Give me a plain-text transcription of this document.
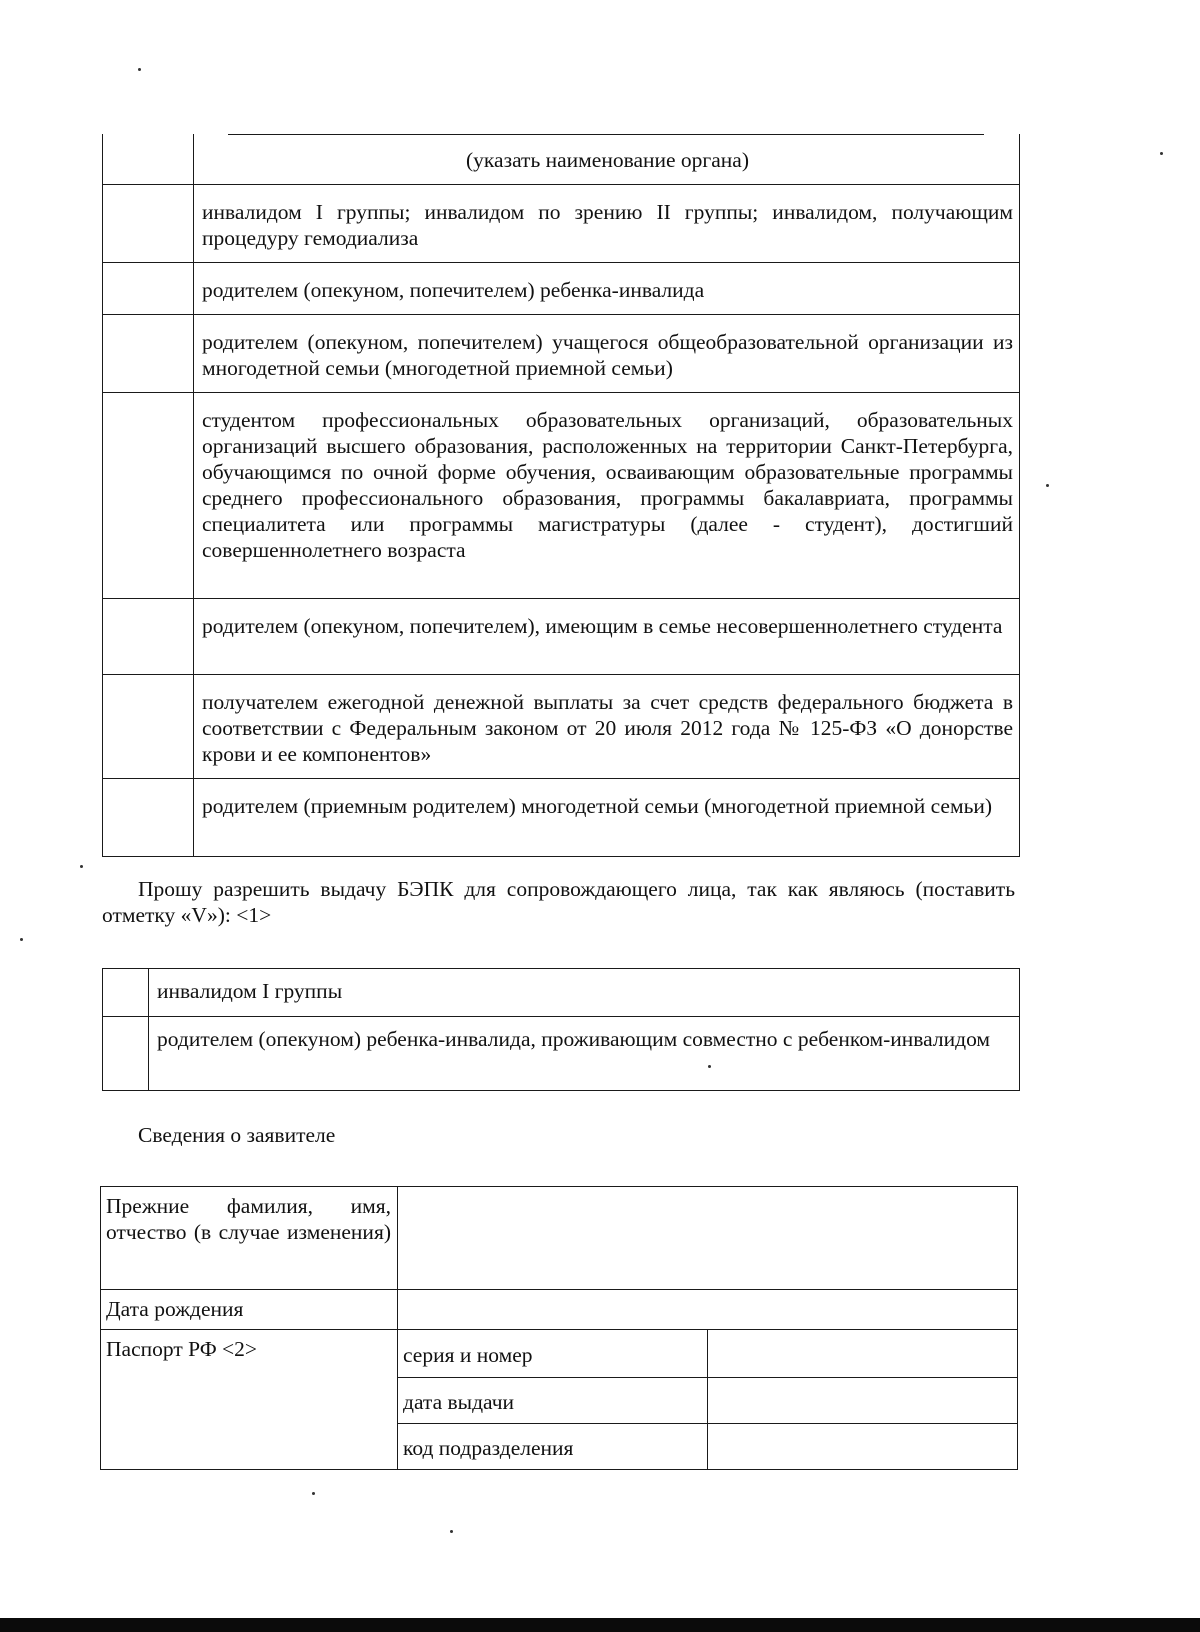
	(указать наименование органа)
	инвалидом I группы; инвалидом по зрению II группы; инвалидом, получающим процедуру гемодиализа
	родителем (опекуном, попечителем) ребенка-инвалида
	родителем (опекуном, попечителем) учащегося общеобразовательной организации из многодетной семьи (многодетной приемной семьи)
	студентом профессиональных образовательных организаций, образовательных организаций высшего образования, расположенных на территории Санкт-Петербурга, обучающимся по очной форме обучения, осваивающим образовательные программы среднего профессионального образования, программы бакалавриата, программы специалитета или программы магистратуры (далее - студент), достигший совершеннолетнего возраста
	родителем (опекуном, попечителем), имеющим в семье несовершеннолетнего студента
	получателем ежегодной денежной выплаты за счет средств федерального бюджета в соответствии с Федеральным законом от 20 июля 2012 года № 125-ФЗ «О донорстве крови и ее компонентов»
	родителем (приемным родителем) многодетной семьи (многодетной приемной семьи)
Прошу разрешить выдачу БЭПК для сопровождающего лица, так как являюсь (поставить отметку «V»): <1>
	инвалидом I группы
	родителем (опекуном) ребенка-инвалида, проживающим совместно с ребенком-инвалидом
Сведения о заявителе
Прежние фамилия, имя, отчество (в случае изменения)		

Дата рождения		
Паспорт РФ <2>	серия и номер	
	дата выдачи	
	код подразделения	
